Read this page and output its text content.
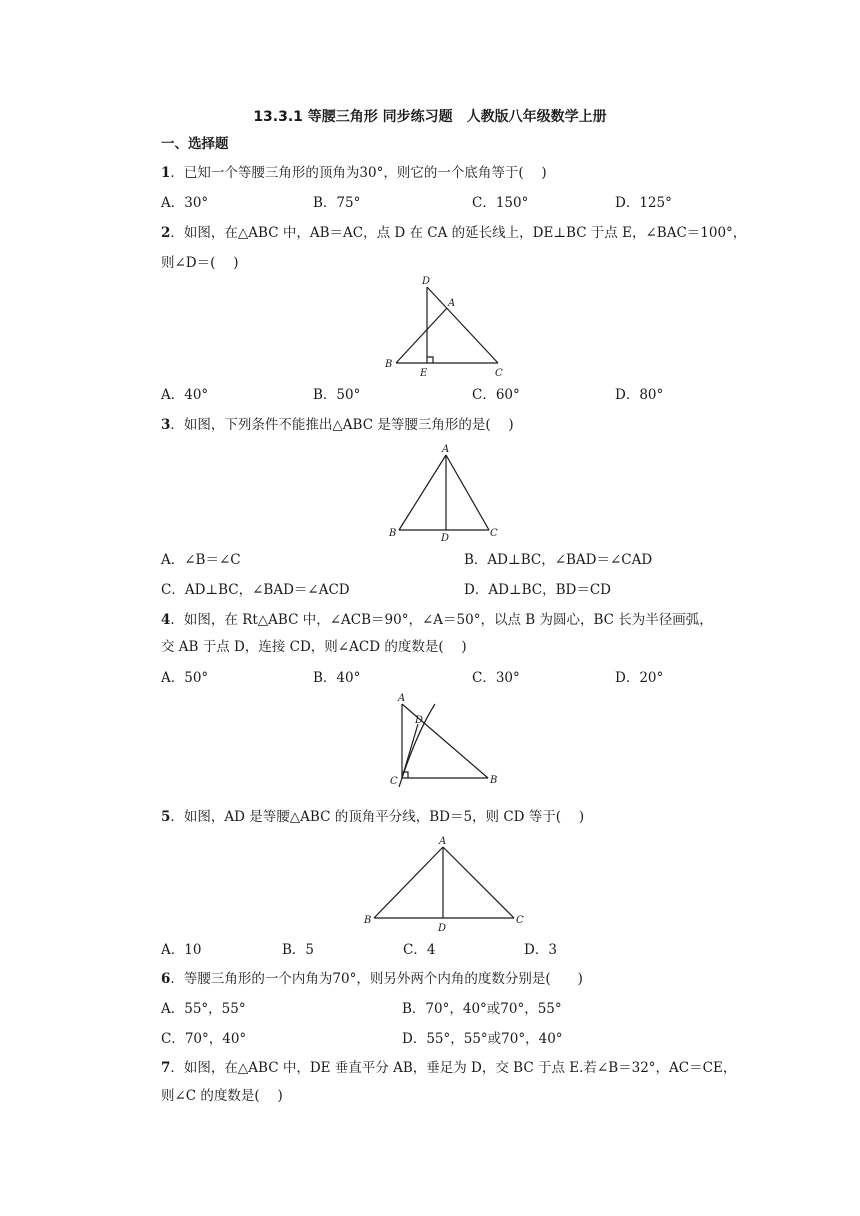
13.3.1 等腰三角形 同步练习题　人教版八年级数学上册
一、选择题
1．已知一个等腰三角形的顶角为30°，则它的一个底角等于(　 )
A．30°	B．75°	C．150°	D．125°
2．如图，在△ABC 中，AB＝AC，点 D 在 CA 的延长线上，DE⊥BC 于点 E，∠BAC＝100°，
则∠D＝(　 )
D
A
B
E	C
A．40°	B．50°	C．60°	D．80°
3．如图，下列条件不能推出△ABC 是等腰三角形的是(　 )
A
B	D	C
A．∠B＝∠C	B．AD⊥BC，∠BAD＝∠CAD
C．AD⊥BC，∠BAD＝∠ACD	D．AD⊥BC，BD＝CD
4．如图，在 Rt△ABC 中，∠ACB＝90°，∠A＝50°，以点 B 为圆心，BC 长为半径画弧，
交 AB 于点 D，连接 CD，则∠ACD 的度数是(　 )
A．50°	B．40°	C．30°	D．20°
A
D
C	B
5．如图，AD 是等腰△ABC 的顶角平分线，BD＝5，则 CD 等于(　 )
A
B
D
C
A．10	B．5	C．4	D．3
6．等腰三角形的一个内角为70°，则另外两个内角的度数分别是(　　)
A．55°，55°	B．70°，40°或70°，55°
C．70°，40°	D．55°，55°或70°，40°
7．如图，在△ABC 中，DE 垂直平分 AB，垂足为 D，交 BC 于点 E.若∠B＝32°，AC＝CE，
则∠C 的度数是(　 )
